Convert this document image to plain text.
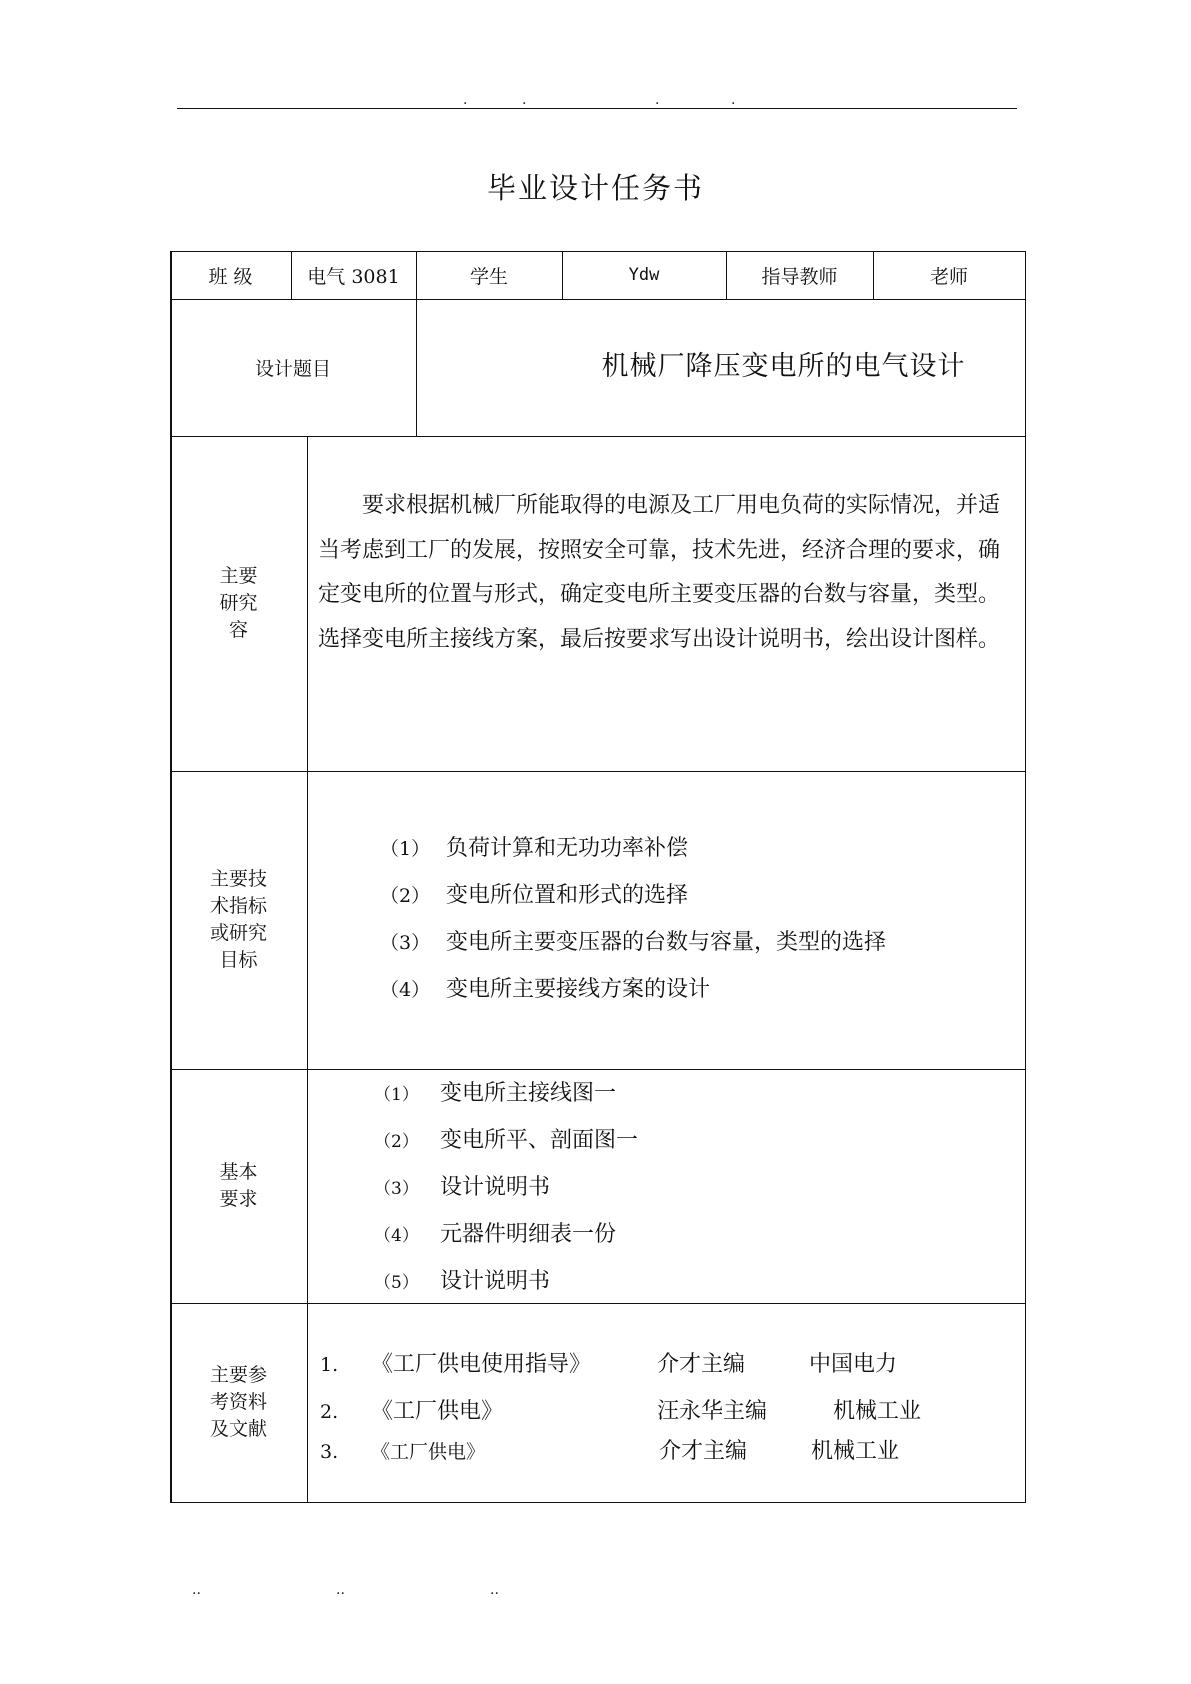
.	.	.	.
毕业设计任务书
班 级	电气 3081	学生	Ydw	指导教师	老师
设计题目	机械厂降压变电所的电气设计
主要
研究
容
要求根据机械厂所能取得的电源及工厂用电负荷的实际情况，并适当考虑到工厂的发展，按照安全可靠，技术先进，经济合理的要求，确定变电所的位置与形式，确定变电所主要变压器的台数与容量，类型。选择变电所主接线方案，最后按要求写出设计说明书，绘出设计图样。
主要技
术指标
或研究
目标
（1） 负荷计算和无功功率补偿
（2） 变电所位置和形式的选择
（3） 变电所主要变压器的台数与容量，类型的选择
（4） 变电所主要接线方案的设计
基本
要求
（1） 变电所主接线图一
（2） 变电所平、剖面图一
（3） 设计说明书
（4） 元器件明细表一份
（5） 设计说明书
主要参
考资料
及文献
1. 《工厂供电使用指导》	介才主编	中国电力
2. 《工厂供电》	汪永华主编	机械工业
3. 《工厂供电》	介才主编	机械工业
..	..	..
